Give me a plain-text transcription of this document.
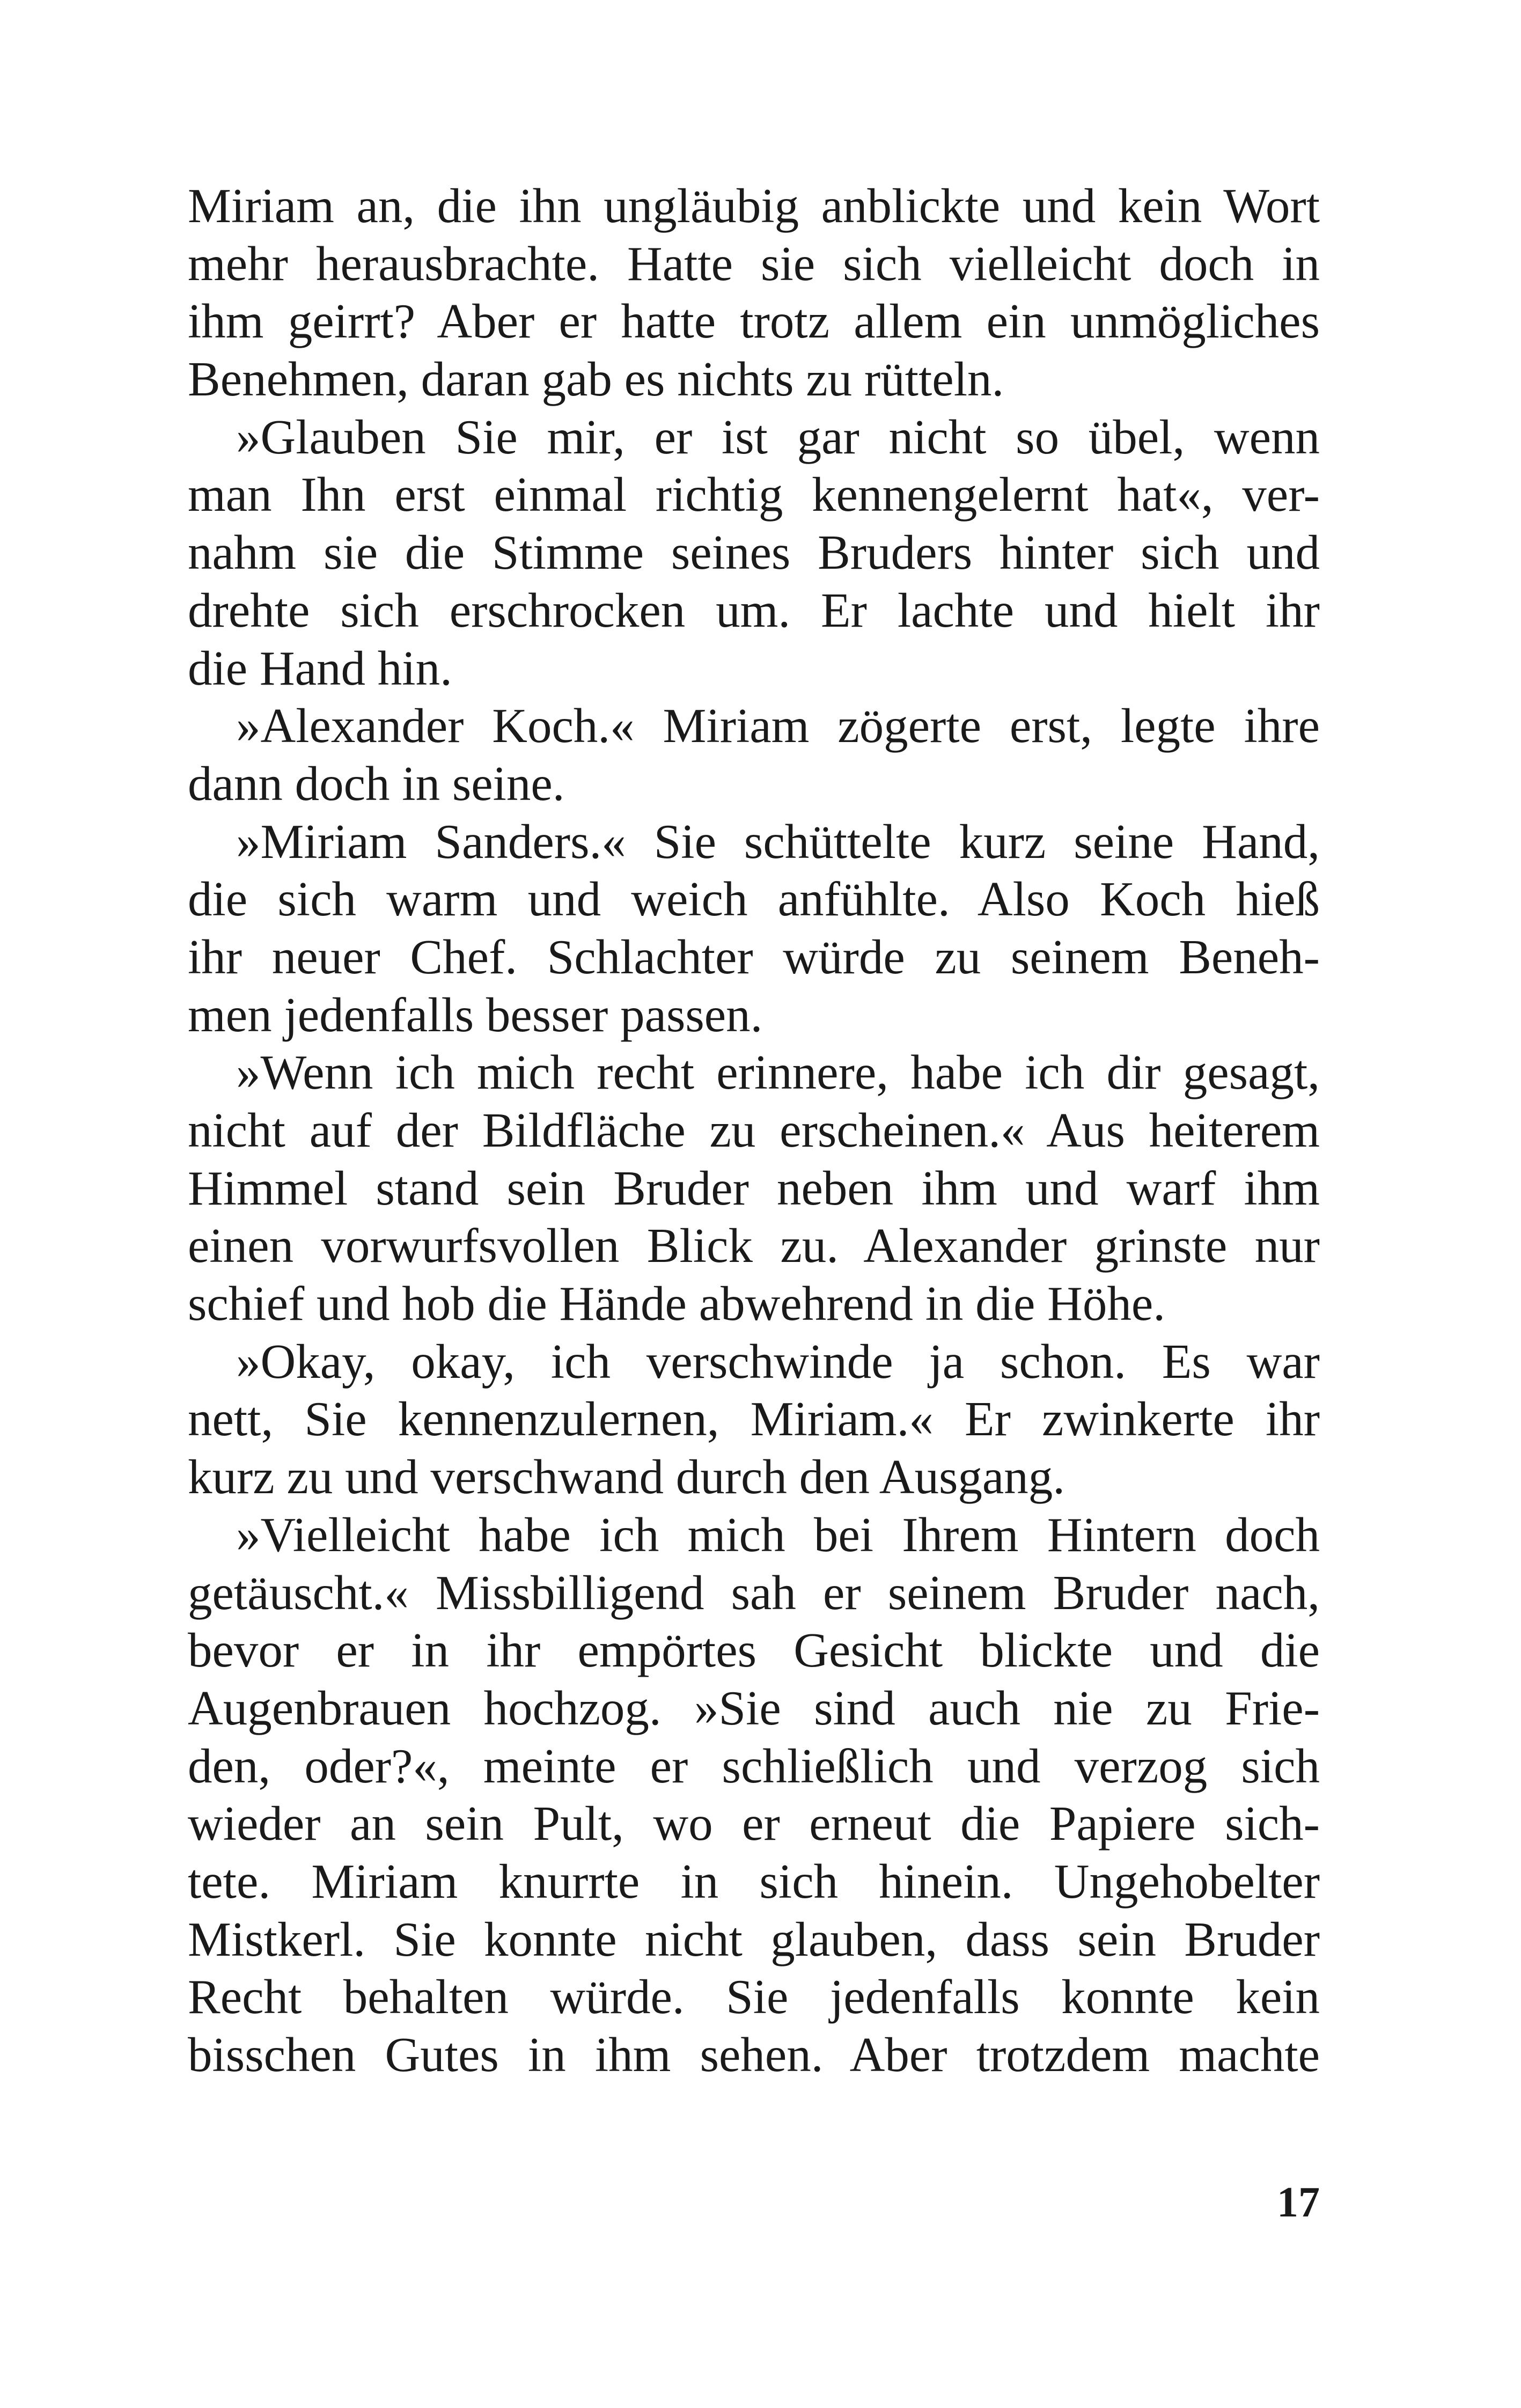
Miriam an, die ihn ungläubig anblickte und kein Wort
mehr herausbrachte. Hatte sie sich vielleicht doch in
ihm geirrt? Aber er hatte trotz allem ein unmögliches
Benehmen, daran gab es nichts zu rütteln.
»Glauben Sie mir, er ist gar nicht so übel, wenn
man Ihn erst einmal richtig kennengelernt hat«, ver-
nahm sie die Stimme seines Bruders hinter sich und
drehte sich erschrocken um. Er lachte und hielt ihr
die Hand hin.
»Alexander Koch.« Miriam zögerte erst, legte ihre
dann doch in seine.
»Miriam Sanders.« Sie schüttelte kurz seine Hand,
die sich warm und weich anfühlte. Also Koch hieß
ihr neuer Chef. Schlachter würde zu seinem Beneh-
men jedenfalls besser passen.
»Wenn ich mich recht erinnere, habe ich dir gesagt,
nicht auf der Bildfläche zu erscheinen.« Aus heiterem
Himmel stand sein Bruder neben ihm und warf ihm
einen vorwurfsvollen Blick zu. Alexander grinste nur
schief und hob die Hände abwehrend in die Höhe.
»Okay, okay, ich verschwinde ja schon. Es war
nett, Sie kennenzulernen, Miriam.« Er zwinkerte ihr
kurz zu und verschwand durch den Ausgang.
»Vielleicht habe ich mich bei Ihrem Hintern doch
getäuscht.« Missbilligend sah er seinem Bruder nach,
bevor er in ihr empörtes Gesicht blickte und die
Augenbrauen hochzog. »Sie sind auch nie zu Frie-
den, oder?«, meinte er schließlich und verzog sich
wieder an sein Pult, wo er erneut die Papiere sich-
tete. Miriam knurrte in sich hinein. Ungehobelter
Mistkerl. Sie konnte nicht glauben, dass sein Bruder
Recht behalten würde. Sie jedenfalls konnte kein
bisschen Gutes in ihm sehen. Aber trotzdem machte
17
